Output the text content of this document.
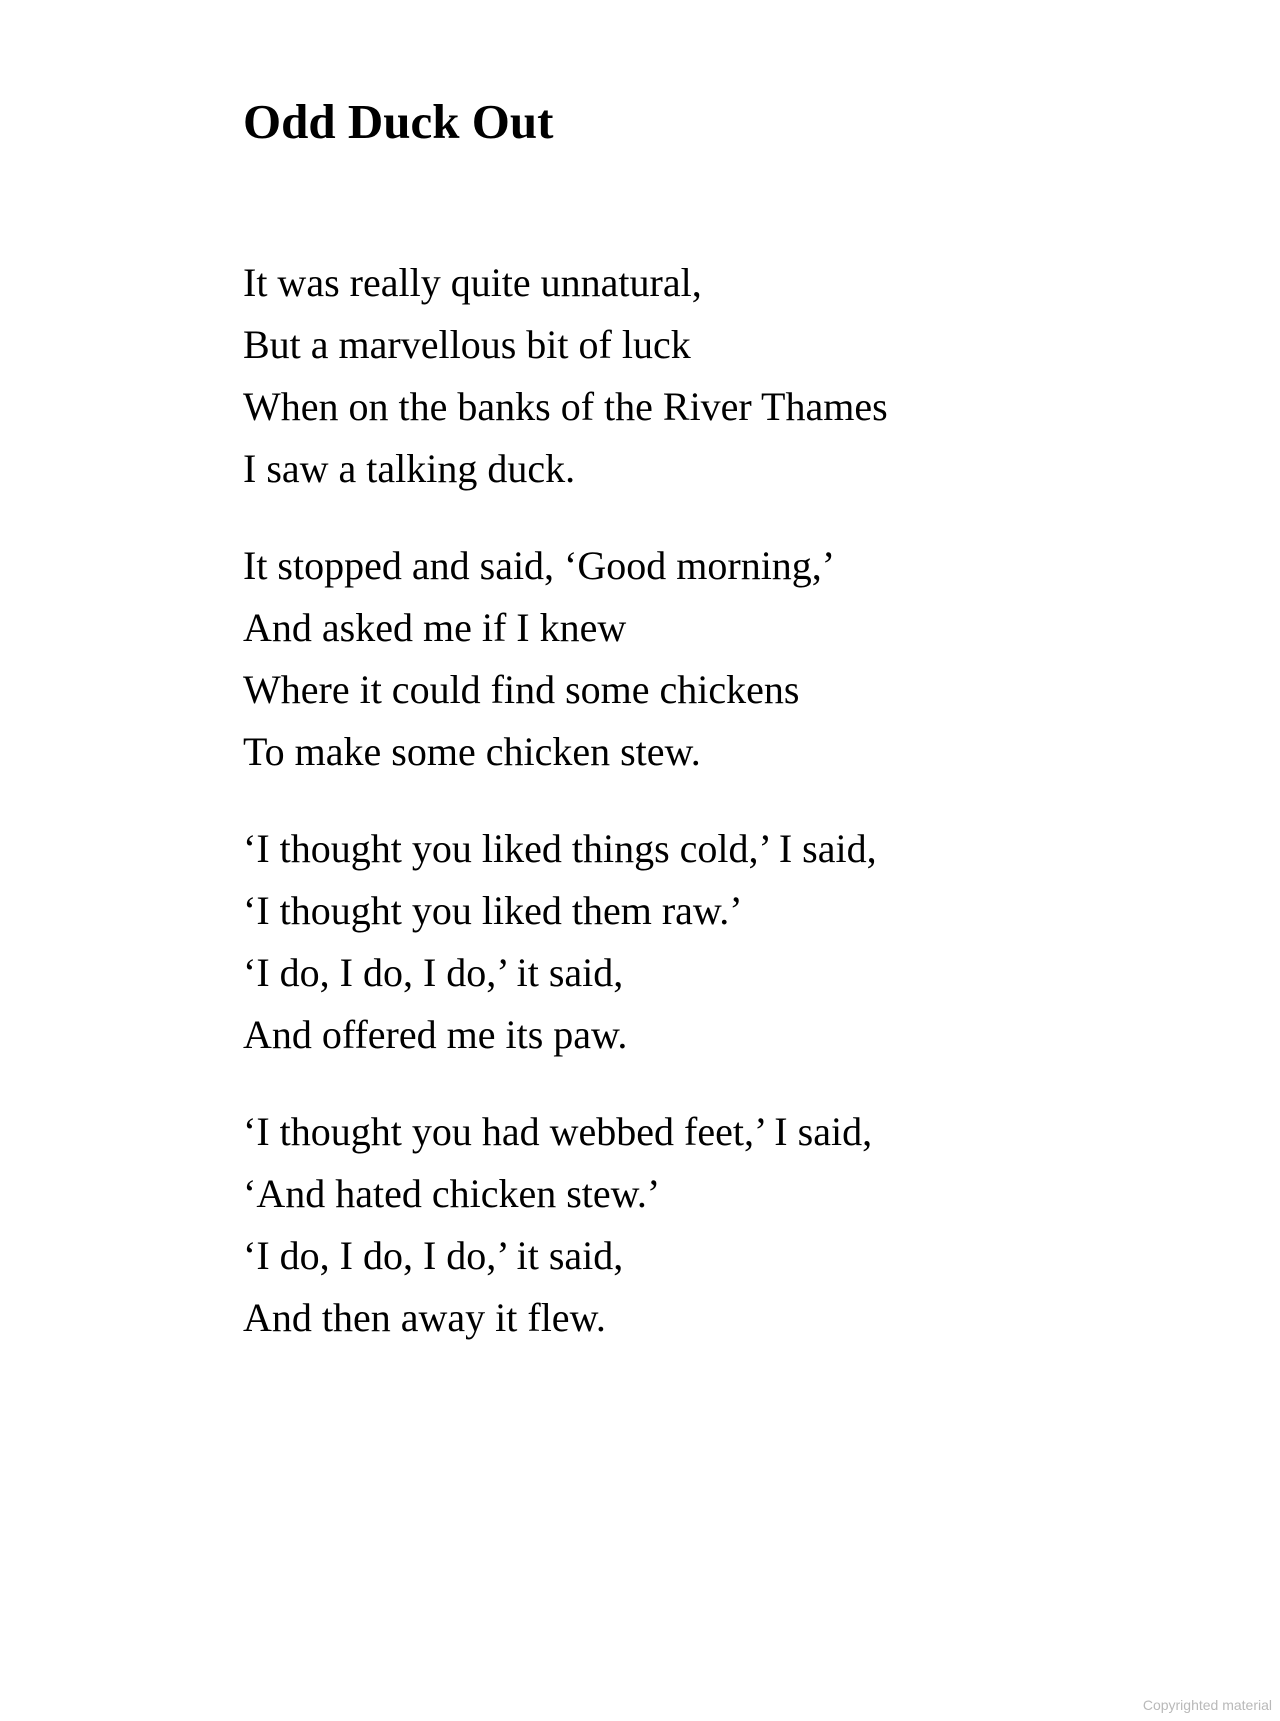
Odd Duck Out

It was really quite unnatural,
But a marvellous bit of luck
When on the banks of the River Thames
I saw a talking duck.

It stopped and said, ‘Good morning,’
And asked me if I knew
Where it could find some chickens
To make some chicken stew.

‘I thought you liked things cold,’ I said,
‘I thought you liked them raw.’
‘I do, I do, I do,’ it said,
And offered me its paw.

‘I thought you had webbed feet,’ I said,
‘And hated chicken stew.’
‘I do, I do, I do,’ it said,
And then away it flew.

Copyrighted material
